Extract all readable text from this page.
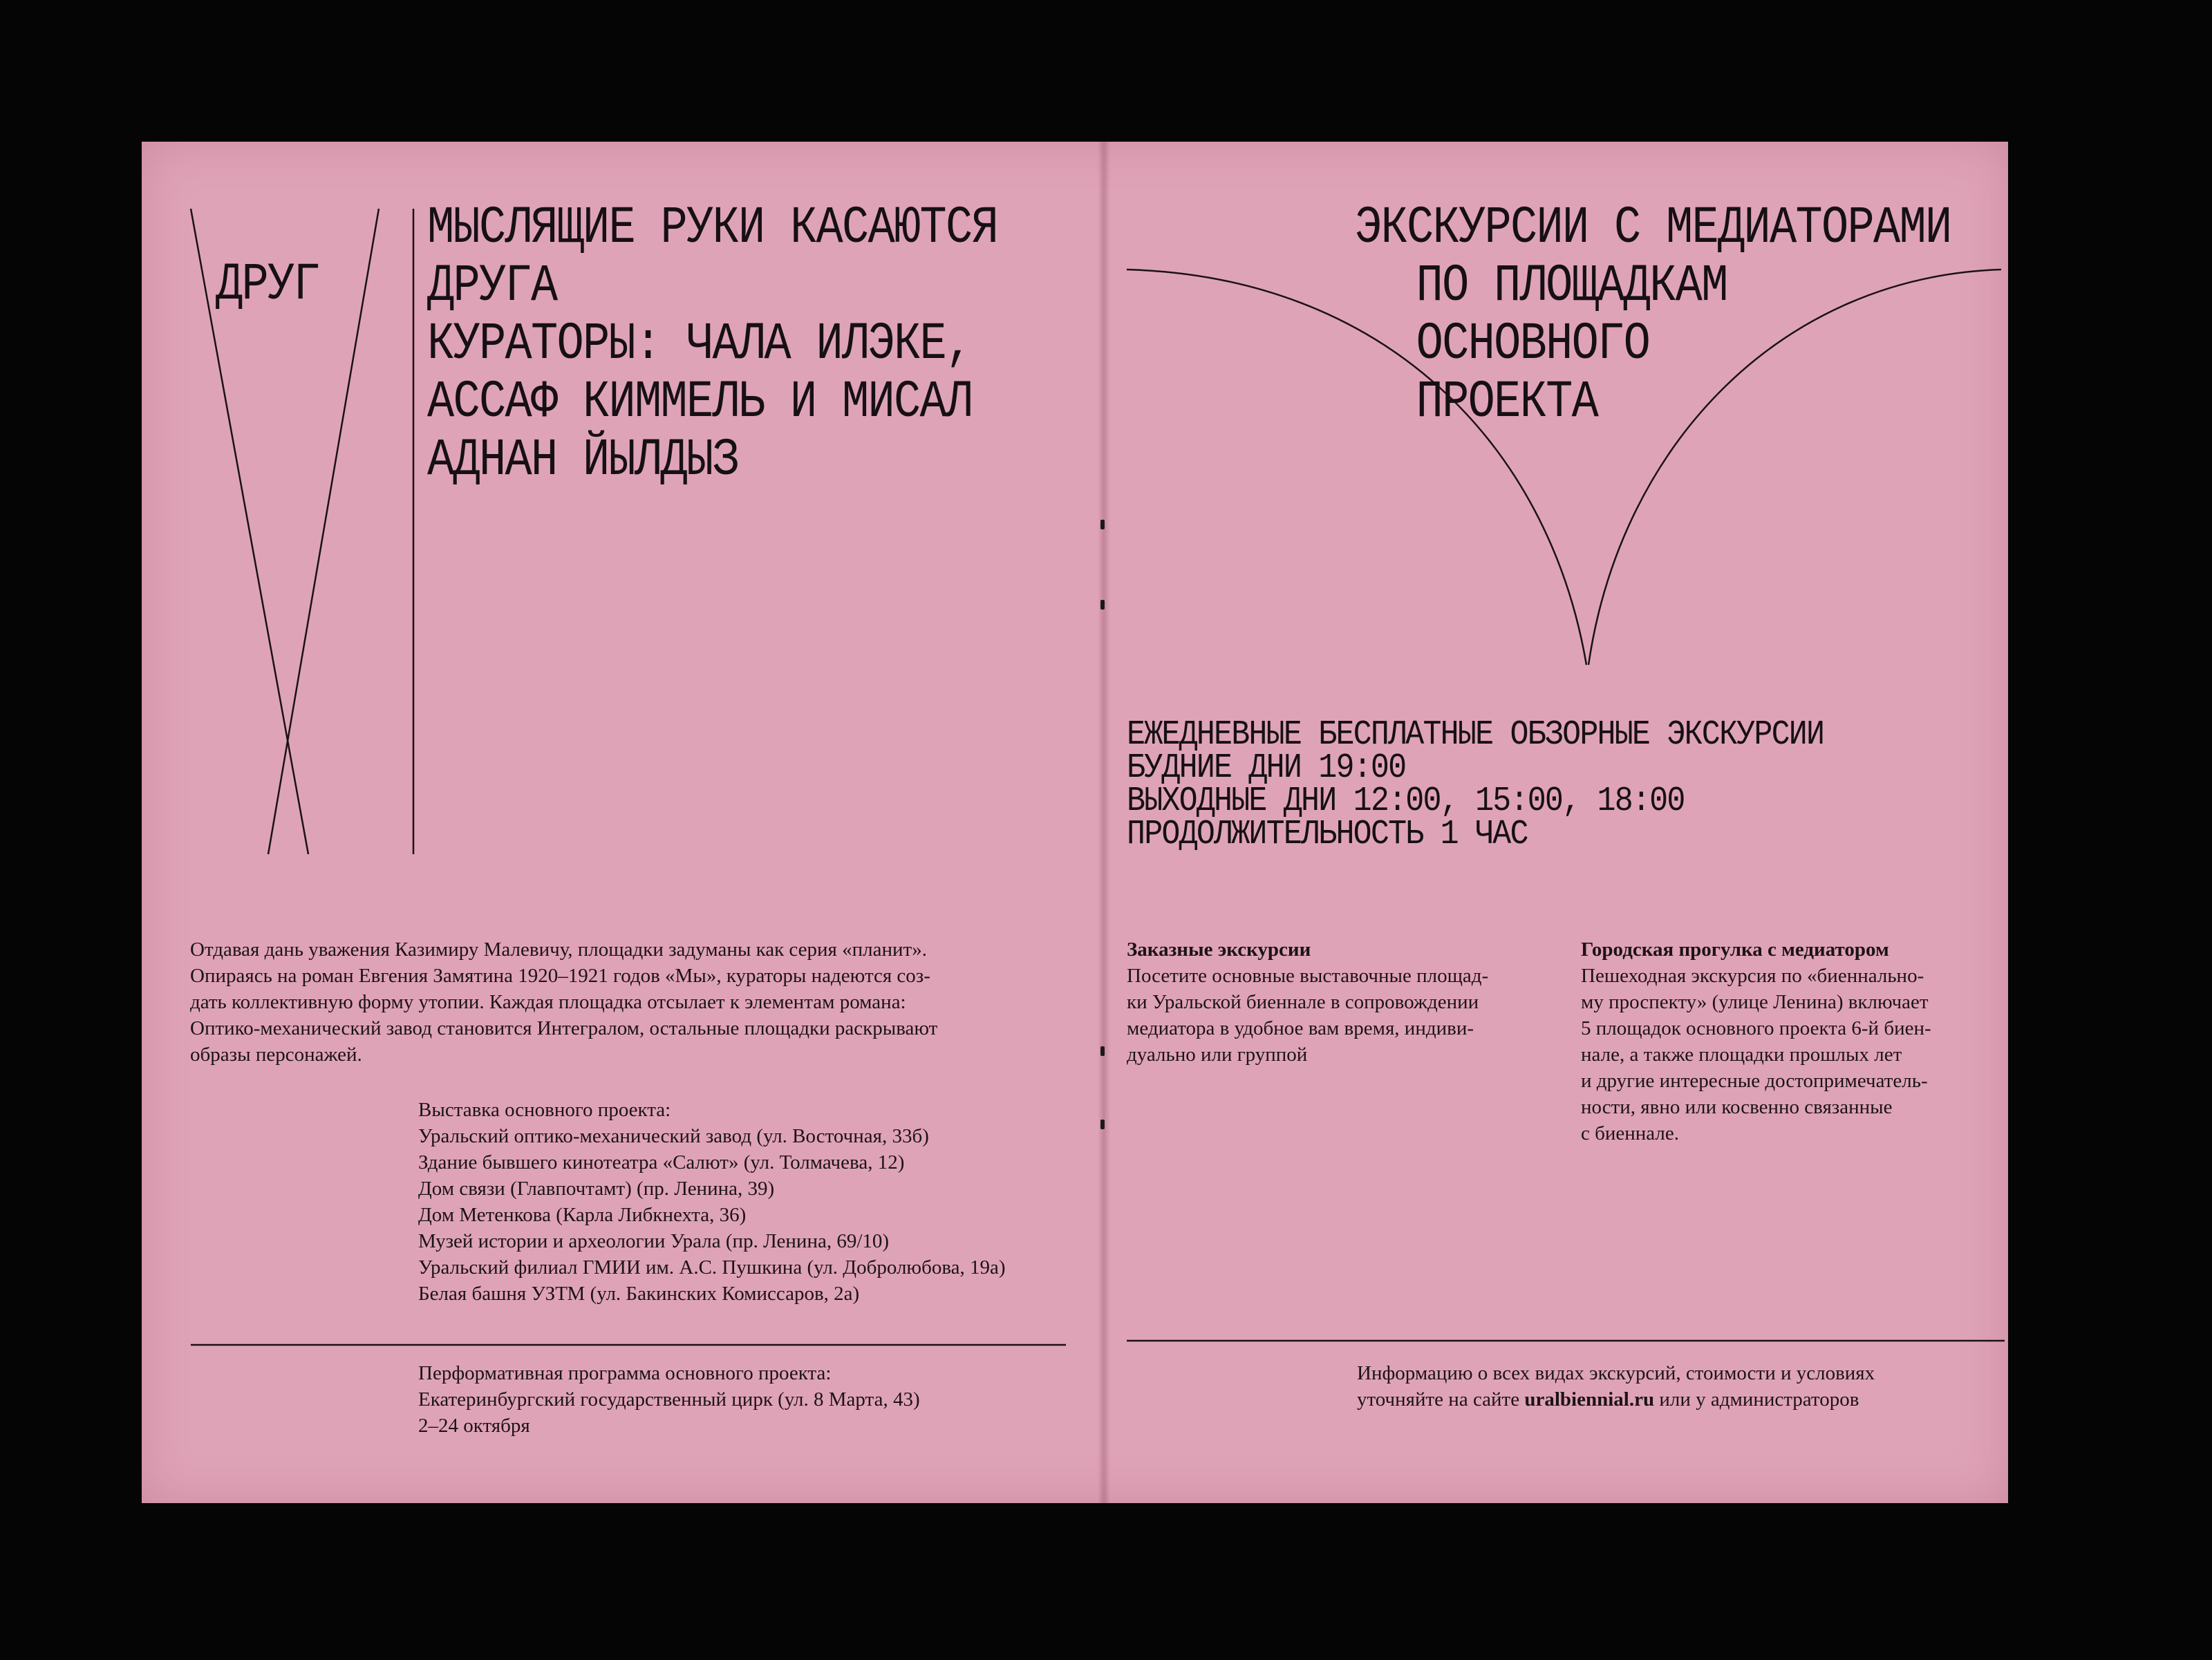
ДРУГ
МЫСЛЯЩИЕ РУКИ КАСАЮТСЯ
ДРУГА
КУРАТОРЫ: ЧАЛА ИЛЭКЕ,
АССАФ КИММЕЛЬ И МИСАЛ
АДНАН ЙЫЛДЫЗ
Отдавая дань уважения Казимиру Малевичу, площадки задуманы как серия «планит».
Опираясь на роман Евгения Замятина 1920–1921 годов «Мы», кураторы надеются соз-
дать коллективную форму утопии. Каждая площадка отсылает к элементам романа:
Оптико-механический завод становится Интегралом, остальные площадки раскрывают
образы персонажей.
Выставка основного проекта:
Уральский оптико-механический завод (ул. Восточная, 33б)
Здание бывшего кинотеатра «Салют» (ул. Толмачева, 12)
Дом связи (Главпочтамт) (пр. Ленина, 39)
Дом Метенкова (Карла Либкнехта, 36)
Музей истории и археологии Урала (пр. Ленина, 69/10)
Уральский филиал ГМИИ им. А.С. Пушкина (ул. Добролюбова, 19а)
Белая башня УЗТМ (ул. Бакинских Комиссаров, 2а)
Перформативная программа основного проекта:
Екатеринбургский государственный цирк (ул. 8 Марта, 43)
2–24 октября
ЭКСКУРСИИ С МЕДИАТОРАМИ
ПО ПЛОЩАДКАМ
ОСНОВНОГО
ПРОЕКТА
ЕЖЕДНЕВНЫЕ БЕСПЛАТНЫЕ ОБЗОРНЫЕ ЭКСКУРСИИ
БУДНИЕ ДНИ 19:00
ВЫХОДНЫЕ ДНИ 12:00, 15:00, 18:00
ПРОДОЛЖИТЕЛЬНОСТЬ 1 ЧАС
Заказные экскурсии
Посетите основные выставочные площад-
ки Уральской биеннале в сопровождении
медиатора в удобное вам время, индиви-
дуально или группой
Городская прогулка с медиатором
Пешеходная экскурсия по «биеннально-
му проспекту» (улице Ленина) включает
5 площадок основного проекта 6-й биен-
нале, а также площадки прошлых лет
и другие интересные достопримечатель-
ности, явно или косвенно связанные
с биеннале.
Информацию о всех видах экскурсий, стоимости и условиях
уточняйте на сайте uralbiennial.ru или у администраторов
